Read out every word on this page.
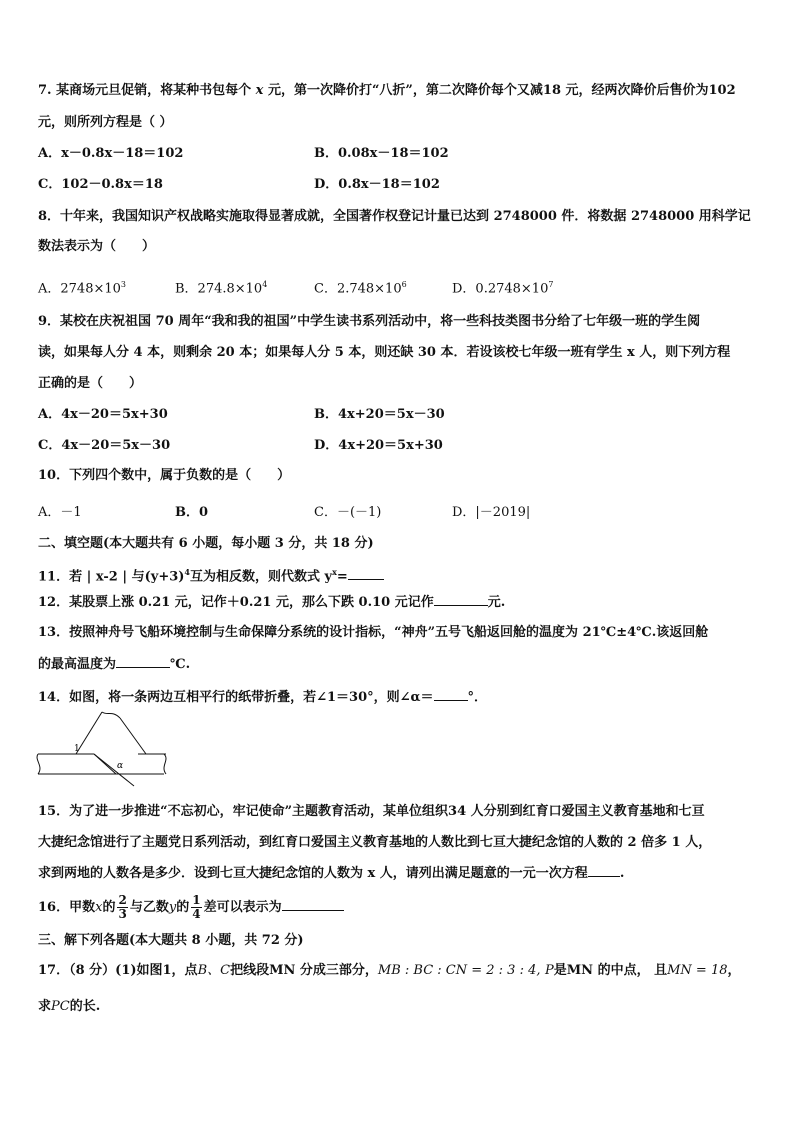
7. 某商场元旦促销，将某种书包每个 x 元，第一次降价打“八折”，第二次降价每个又减18 元，经两次降价后售价为102
元，则所列方程是（ ）
A．x－0.8x－18＝102	B．0.08x－18＝102
C．102－0.8x＝18	D．0.8x－18＝102
8．十年来，我国知识产权战略实施取得显著成就，全国著作权登记计量已达到 2748000 件．将数据 2748000 用科学记
数法表示为（　　）
A．$2748\times 10^3$	B．$274.8\times 10^4$	C．$2.748\times 10^6$	D．$0.2748\times 10^7$
9．某校在庆祝祖国 70 周年“我和我的祖国”中学生读书系列活动中，将一些科技类图书分给了七年级一班的学生阅
读，如果每人分 4 本，则剩余 20 本；如果每人分 5 本，则还缺 30 本．若设该校七年级一班有学生 x 人，则下列方程
正确的是（　　）
A．4x－20＝5x+30	B．4x+20＝5x－30
C．4x－20＝5x－30	D．4x+20＝5x+30
10．下列四个数中，属于负数的是（　　）
A．－1	B．0	C．－(－1)	D．|－2019|
二、填空题(本大题共有 6 小题，每小题 3 分，共 18 分)
11．若 | x-2 | 与$(y+3)^4$互为相反数，则代数式 $y^x=$
12．某股票上涨 0.21 元，记作＋0.21 元，那么下跌 0.10 元记作	元.
13．按照神舟号飞船环境控制与生命保障分系统的设计指标，“神舟”五号飞船返回舱的温度为 21℃±4℃.该返回舱
的最高温度为	℃.
14．如图，将一条两边互相平行的纸带折叠，若∠1＝30°，则∠α＝	°．
1
α
15．为了进一步推进“不忘初心，牢记使命”主题教育活动，某单位组织34 人分别到红育口爱国主义教育基地和七亘
大捷纪念馆进行了主题党日系列活动，到红育口爱国主义教育基地的人数比到七亘大捷纪念馆的人数的 2 倍多 1 人，
求到两地的人数各是多少．设到七亘大捷纪念馆的人数为 x 人，请列出满足题意的一元一次方程 .
16．甲数x的 $\frac{2}{3}$ 与乙数y的 $\frac{1}{4}$ 差可以表示为
三、解下列各题(本大题共 8 小题，共 72 分)
17．（8 分）(1)如图1，点B、C把线段MN 分成三部分，MB : BC : CN = 2 : 3 : 4, P是MN 的中点， 且MN = 18，
求PC的长.
